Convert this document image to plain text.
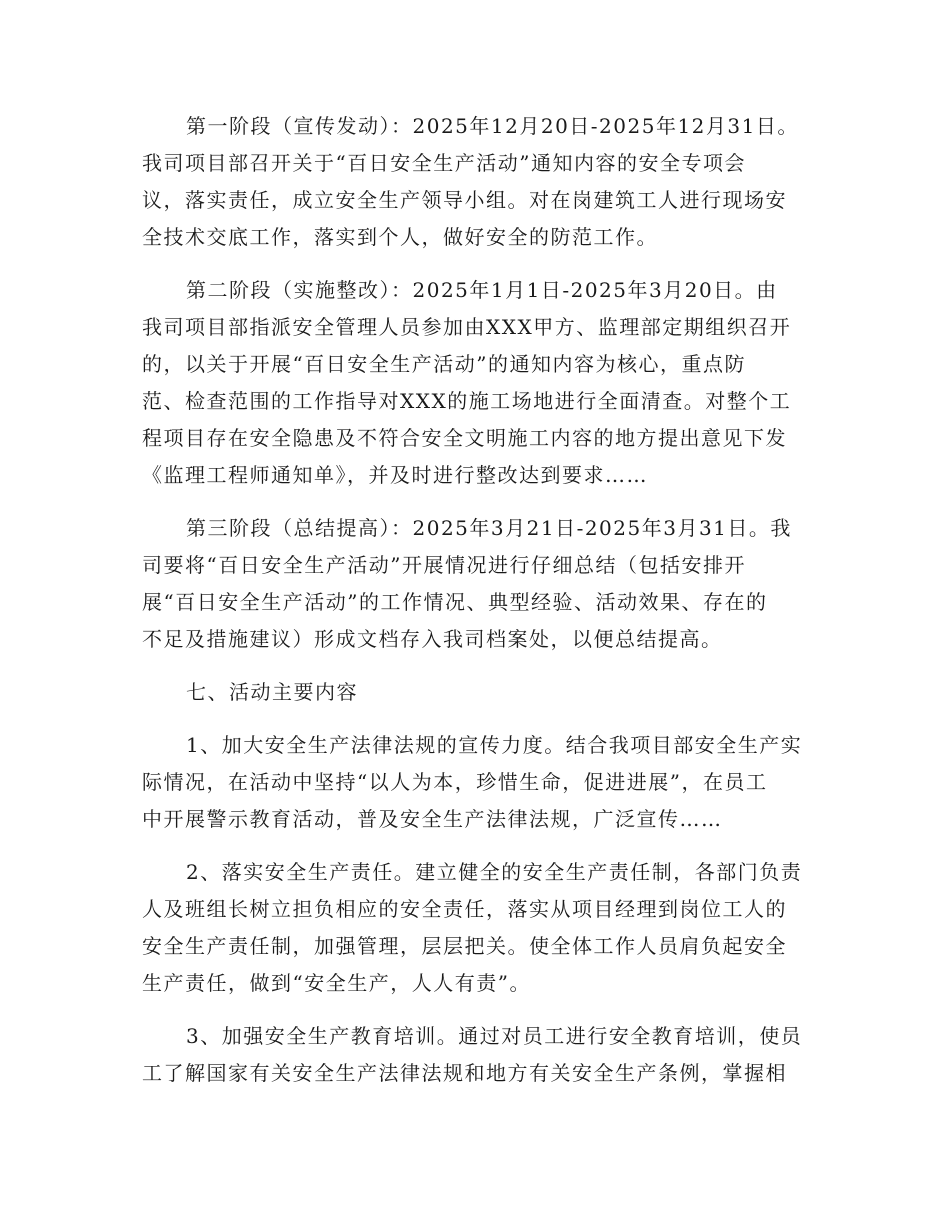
第一阶段（宣传发动）：2025年12月20日-2025年12月31日。
我司项目部召开关于“百日安全生产活动”通知内容的安全专项会
议，落实责任，成立安全生产领导小组。对在岗建筑工人进行现场安
全技术交底工作，落实到个人，做好安全的防范工作。
第二阶段（实施整改）：2025年1月1日-2025年3月20日。由
我司项目部指派安全管理人员参加由XXX甲方、监理部定期组织召开
的，以关于开展“百日安全生产活动”的通知内容为核心，重点防
范、检查范围的工作指导对XXX的施工场地进行全面清查。对整个工
程项目存在安全隐患及不符合安全文明施工内容的地方提出意见下发
《监理工程师通知单》，并及时进行整改达到要求……
第三阶段（总结提高）：2025年3月21日-2025年3月31日。我
司要将“百日安全生产活动”开展情况进行仔细总结（包括安排开
展“百日安全生产活动”的工作情况、典型经验、活动效果、存在的
不足及措施建议）形成文档存入我司档案处，以便总结提高。
七、活动主要内容
1、加大安全生产法律法规的宣传力度。结合我项目部安全生产实
际情况，在活动中坚持“以人为本，珍惜生命，促进进展”，在员工
中开展警示教育活动，普及安全生产法律法规，广泛宣传……
2、落实安全生产责任。建立健全的安全生产责任制，各部门负责
人及班组长树立担负相应的安全责任，落实从项目经理到岗位工人的
安全生产责任制，加强管理，层层把关。使全体工作人员肩负起安全
生产责任，做到“安全生产，人人有责”。
3、加强安全生产教育培训。通过对员工进行安全教育培训，使员
工了解国家有关安全生产法律法规和地方有关安全生产条例，掌握相
